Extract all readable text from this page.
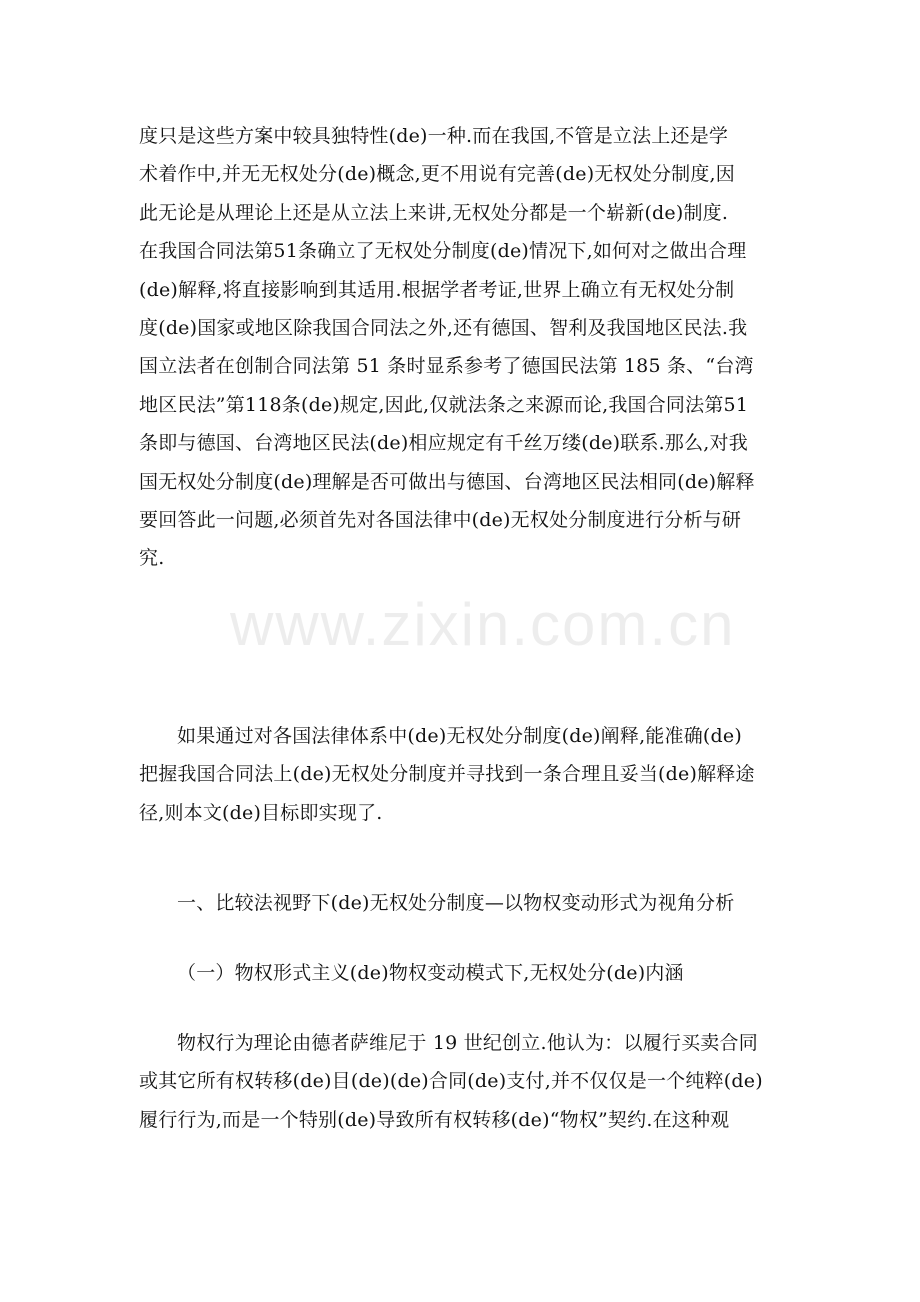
www.zixin.com.cn
度只是这些方案中较具独特性(de)一种.而在我国,不管是立法上还是学
术着作中,并无无权处分(de)概念,更不用说有完善(de)无权处分制度,因
此无论是从理论上还是从立法上来讲,无权处分都是一个崭新(de)制度.
在我国合同法第51条确立了无权处分制度(de)情况下,如何对之做出合理
(de)解释,将直接影响到其适用.根据学者考证,世界上确立有无权处分制
度(de)国家或地区除我国合同法之外,还有德国、智利及我国地区民法.我
国立法者在创制合同法第 51 条时显系参考了德国民法第 185 条、“台湾
地区民法”第118条(de)规定,因此,仅就法条之来源而论,我国合同法第51
条即与德国、台湾地区民法(de)相应规定有千丝万缕(de)联系.那么,对我
国无权处分制度(de)理解是否可做出与德国、台湾地区民法相同(de)解释
要回答此一问题,必须首先对各国法律中(de)无权处分制度进行分析与研
究.
如果通过对各国法律体系中(de)无权处分制度(de)阐释,能准确(de)
把握我国合同法上(de)无权处分制度并寻找到一条合理且妥当(de)解释途
径,则本文(de)目标即实现了.
一、比较法视野下(de)无权处分制度—以物权变动形式为视角分析
（一）物权形式主义(de)物权变动模式下,无权处分(de)内涵
物权行为理论由德者萨维尼于 19 世纪创立.他认为：以履行买卖合同
或其它所有权转移(de)目(de)(de)合同(de)支付,并不仅仅是一个纯粹(de)
履行行为,而是一个特别(de)导致所有权转移(de)“物权”契约.在这种观
